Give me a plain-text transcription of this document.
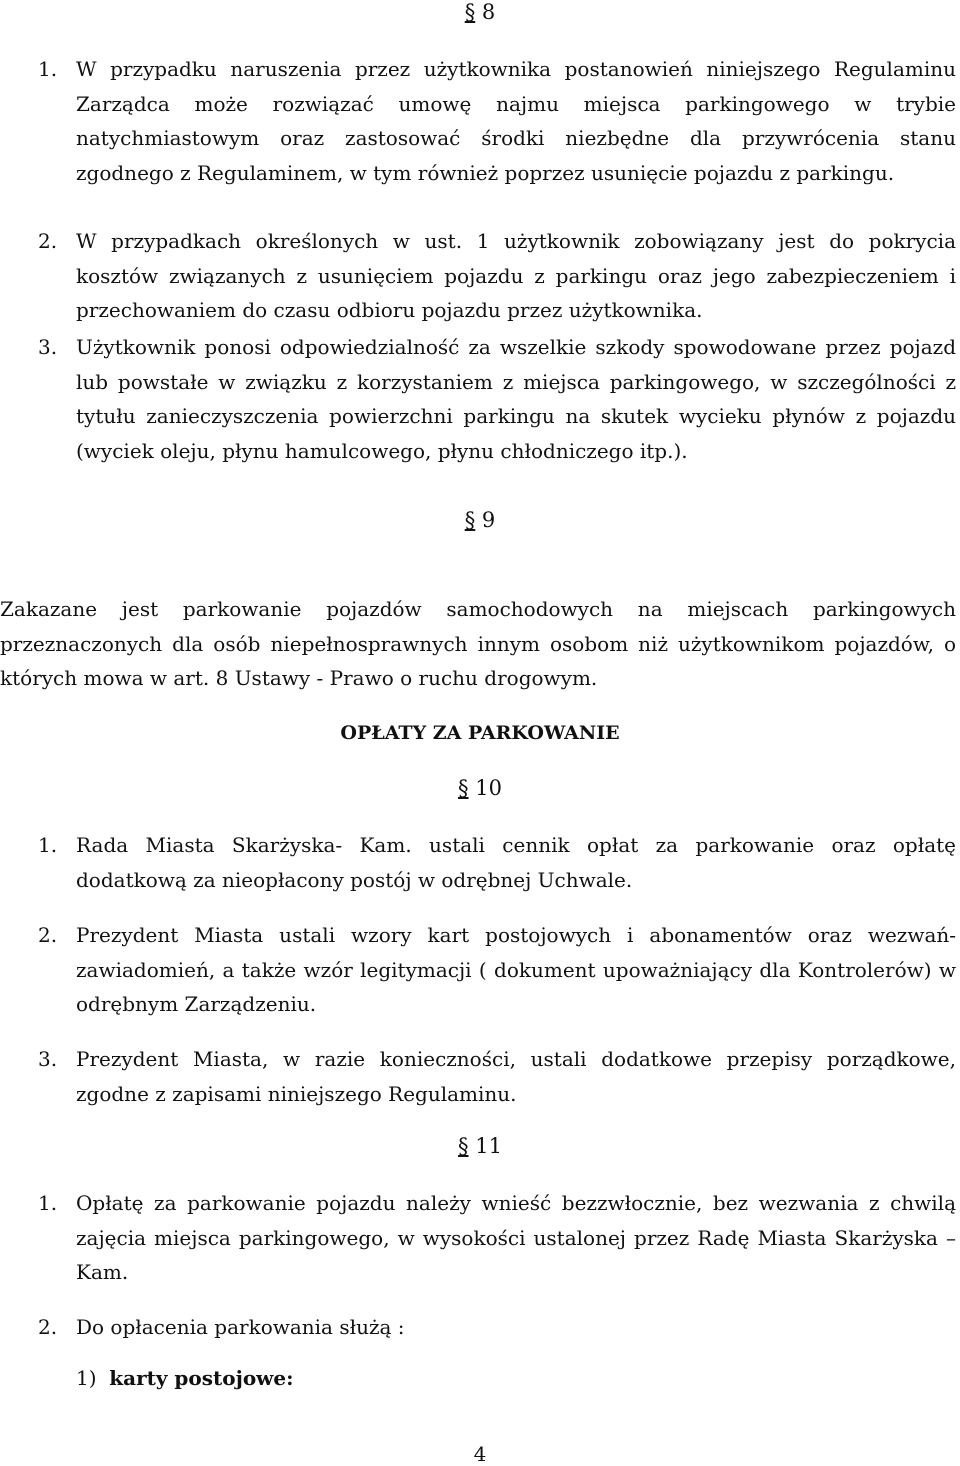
§ 8
1. W przypadku naruszenia przez użytkownika postanowień niniejszego Regulaminu Zarządca może rozwiązać umowę najmu miejsca parkingowego w trybie natychmiastowym oraz zastosować środki niezbędne dla przywrócenia stanu zgodnego z Regulaminem, w tym również poprzez usunięcie pojazdu z parkingu.
2. W przypadkach określonych w ust. 1 użytkownik zobowiązany jest do pokrycia kosztów związanych z usunięciem pojazdu z parkingu oraz jego zabezpieczeniem i przechowaniem do czasu odbioru pojazdu przez użytkownika.
3. Użytkownik ponosi odpowiedzialność za wszelkie szkody spowodowane przez pojazd lub powstałe w związku z korzystaniem z miejsca parkingowego, w szczególności z tytułu zanieczyszczenia powierzchni parkingu na skutek wycieku płynów z pojazdu (wyciek oleju, płynu hamulcowego, płynu chłodniczego itp.).
§ 9
Zakazane jest parkowanie pojazdów samochodowych na miejscach parkingowych przeznaczonych dla osób niepełnosprawnych innym osobom niż użytkownikom pojazdów, o których mowa w art. 8 Ustawy - Prawo o ruchu drogowym.
OPŁATY ZA PARKOWANIE
§ 10
1. Rada Miasta Skarżyska- Kam. ustali cennik opłat za parkowanie oraz opłatę dodatkową za nieopłacony postój w odrębnej Uchwale.
2. Prezydent Miasta ustali wzory kart postojowych i abonamentów oraz wezwań- zawiadomień, a także wzór legitymacji ( dokument upoważniający dla Kontrolerów) w odrębnym Zarządzeniu.
3. Prezydent Miasta, w razie konieczności, ustali dodatkowe przepisy porządkowe, zgodne z zapisami niniejszego Regulaminu.
§ 11
1. Opłatę za parkowanie pojazdu należy wnieść bezzwłocznie, bez wezwania z chwilą zajęcia miejsca parkingowego, w wysokości ustalonej przez Radę Miasta Skarżyska – Kam.
2. Do opłacenia parkowania służą :
1) karty postojowe:
4
